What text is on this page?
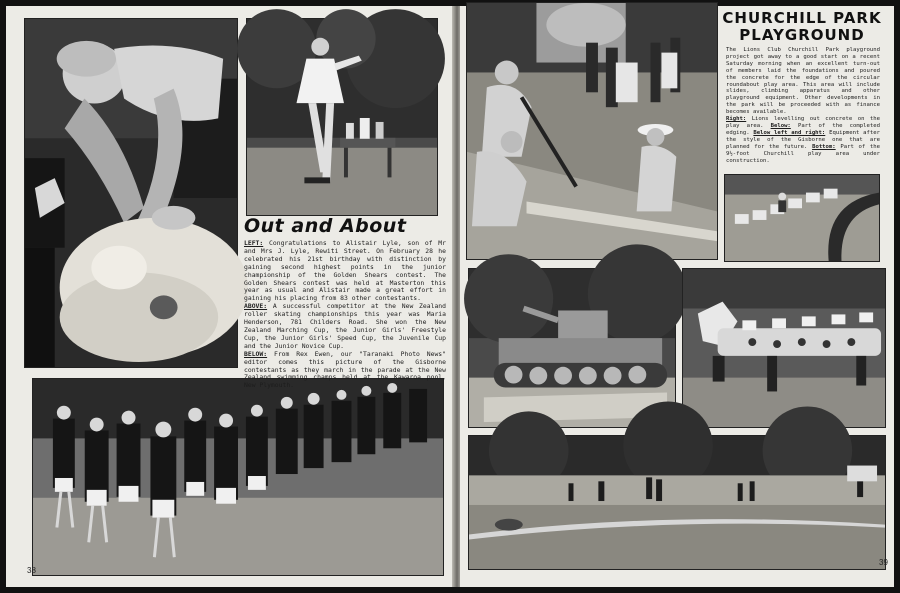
Out and About

LEFT: Congratulations to Alistair Lyle, son of Mr and Mrs J. Lyle, Rewiti Street. On February 28 he celebrated his 21st birthday with distinction by gaining second highest points in the junior championship of the Golden Shears contest. The Golden Shears contest was held at Masterton this year as usual and Alistair made a great effort in gaining his placing from 83 other contestants.

ABOVE: A successful competitor at the New Zealand roller skating championships this year was Maria Henderson, 781 Childers Road. She won the New Zealand Marching Cup, the Junior Girls' Freestyle Cup, the Junior Girls' Speed Cup, the Juvenile Cup and the Junior Novice Cup.

BELOW: From Rex Ewen, our "Taranaki Photo News" editor comes this picture of the Gisborne contestants as they march in the parade at the New Zealand swimming champs held at the Kawaroa pool, New Plymouth.

38
CHURCHILL PARK
PLAYGROUND

The Lions Club Churchill Park playground project got away to a good start on a recent Saturday morning when an excellent turn-out of members laid the foundations and poured the concrete for the edge of the circular roundabout play area. This area will include slides, climbing apparatus and other playground equipment. Other developments in the park will be proceeded with as finance becomes available.

Right: Lions levelling out concrete on the play area. Below: Part of the completed edging. Below left and right: Equipment after the style of the Gisborne one that are planned for the future. Bottom: Part of the 9½-foot Churchill play area under construction.

39
